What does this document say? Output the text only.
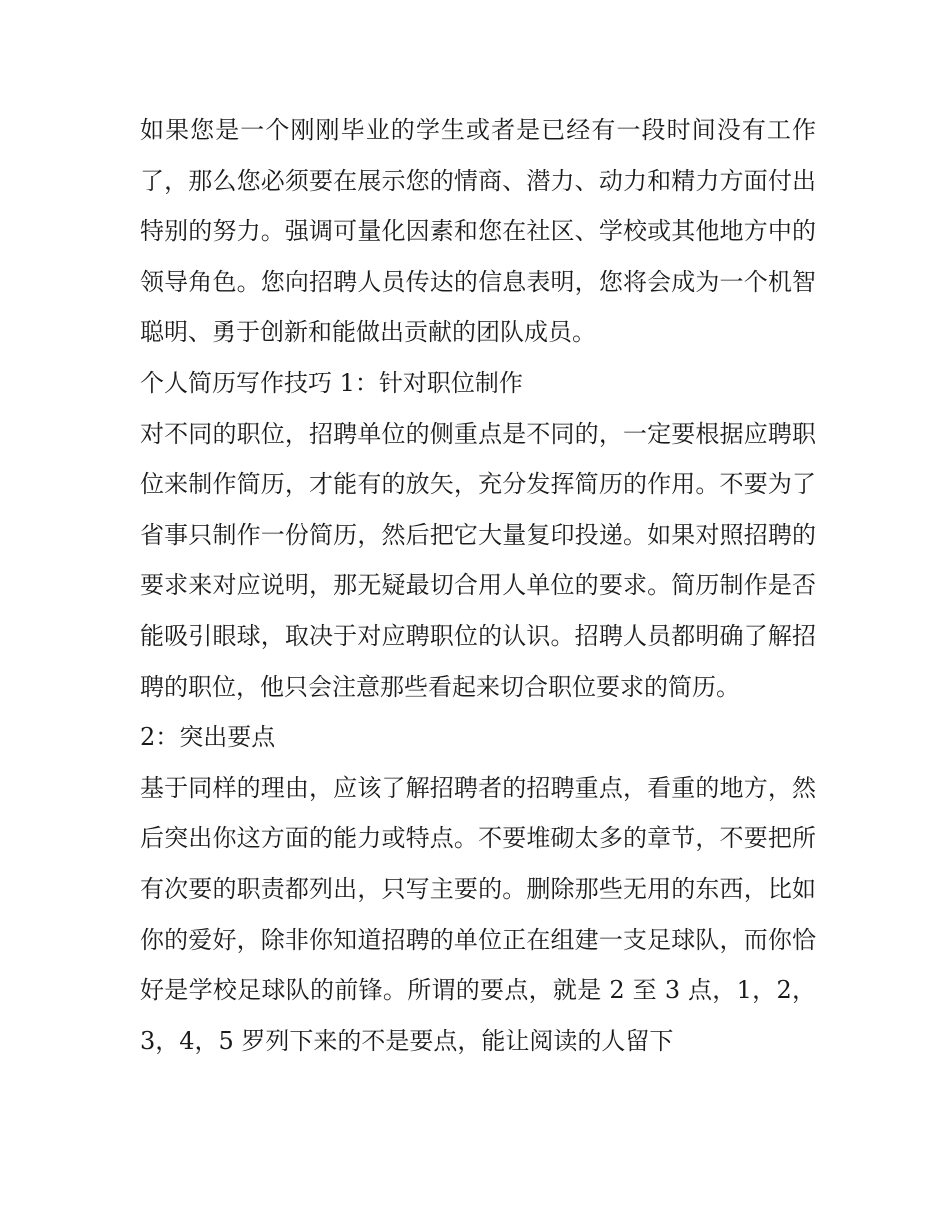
如果您是一个刚刚毕业的学生或者是已经有一段时间没有工作了，那么您必须要在展示您的情商、潜力、动力和精力方面付出特别的努力。强调可量化因素和您在社区、学校或其他地方中的领导角色。您向招聘人员传达的信息表明，您将会成为一个机智聪明、勇于创新和能做出贡献的团队成员。

个人简历写作技巧 1：针对职位制作

对不同的职位，招聘单位的侧重点是不同的，一定要根据应聘职位来制作简历，才能有的放矢，充分发挥简历的作用。不要为了省事只制作一份简历，然后把它大量复印投递。如果对照招聘的要求来对应说明，那无疑最切合用人单位的要求。简历制作是否能吸引眼球，取决于对应聘职位的认识。招聘人员都明确了解招聘的职位，他只会注意那些看起来切合职位要求的简历。

2：突出要点

基于同样的理由，应该了解招聘者的招聘重点，看重的地方，然后突出你这方面的能力或特点。不要堆砌太多的章节，不要把所有次要的职责都列出，只写主要的。删除那些无用的东西，比如你的爱好，除非你知道招聘的单位正在组建一支足球队，而你恰好是学校足球队的前锋。所谓的要点，就是 2 至 3 点，1，2，3，4，5 罗列下来的不是要点，能让阅读的人留下
